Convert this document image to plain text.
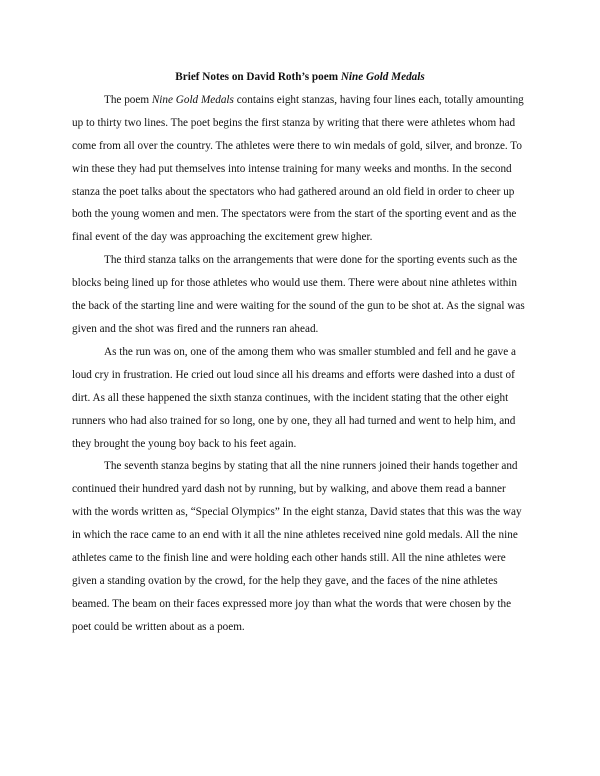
Brief Notes on David Roth’s poem Nine Gold Medals

The poem Nine Gold Medals contains eight stanzas, having four lines each, totally amounting up to thirty two lines. The poet begins the first stanza by writing that there were athletes whom had come from all over the country. The athletes were there to win medals of gold, silver, and bronze. To win these they had put themselves into intense training for many weeks and months. In the second stanza the poet talks about the spectators who had gathered around an old field in order to cheer up both the young women and men. The spectators were from the start of the sporting event and as the final event of the day was approaching the excitement grew higher.

The third stanza talks on the arrangements that were done for the sporting events such as the blocks being lined up for those athletes who would use them. There were about nine athletes within the back of the starting line and were waiting for the sound of the gun to be shot at. As the signal was given and the shot was fired and the runners ran ahead.

As the run was on, one of the among them who was smaller stumbled and fell and he gave a loud cry in frustration. He cried out loud since all his dreams and efforts were dashed into a dust of dirt. As all these happened the sixth stanza continues, with the incident stating that the other eight runners who had also trained for so long, one by one, they all had turned and went to help him, and they brought the young boy back to his feet again.

The seventh stanza begins by stating that all the nine runners joined their hands together and continued their hundred yard dash not by running, but by walking, and above them read a banner with the words written as, “Special Olympics” In the eight stanza, David states that this was the way in which the race came to an end with it all the nine athletes received nine gold medals. All the nine athletes came to the finish line and were holding each other hands still. All the nine athletes were given a standing ovation by the crowd, for the help they gave, and the faces of the nine athletes beamed. The beam on their faces expressed more joy than what the words that were chosen by the poet could be written about as a poem.
